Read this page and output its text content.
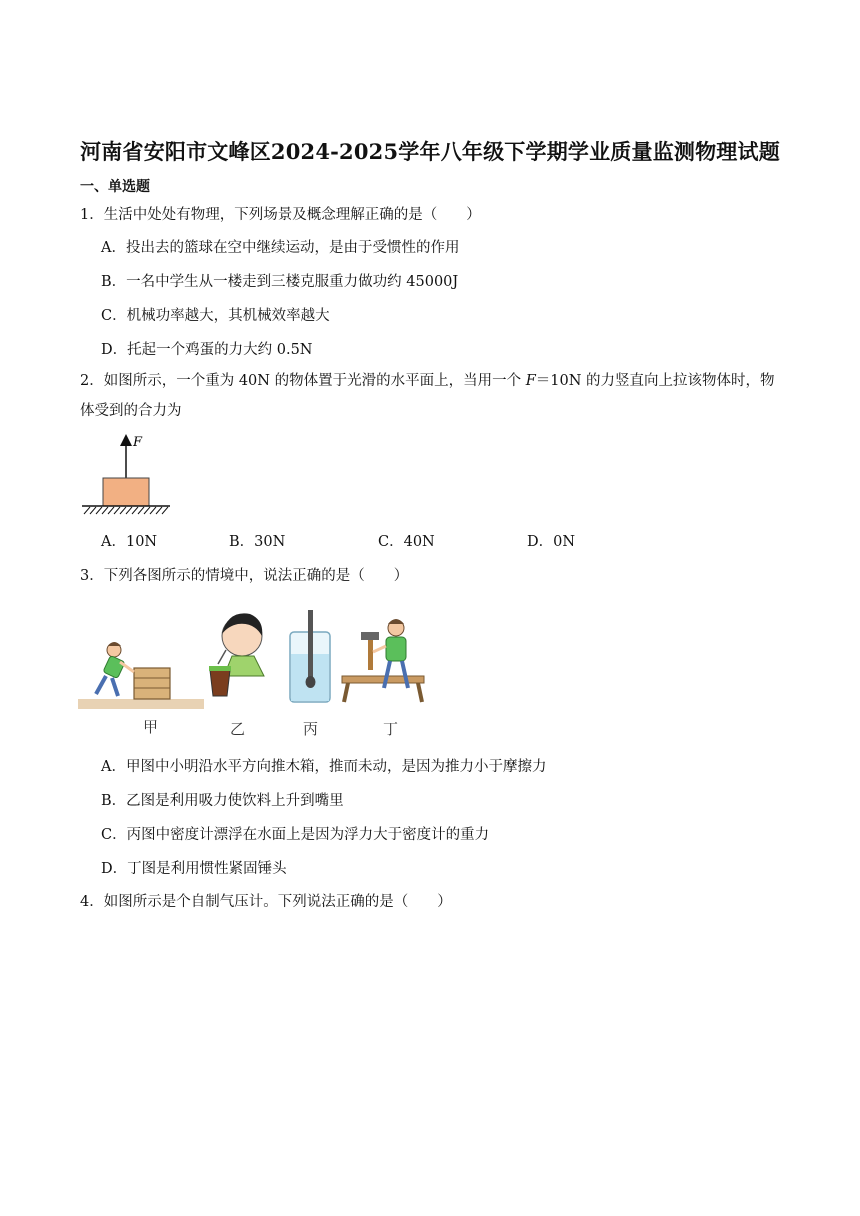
河南省安阳市文峰区2024-2025学年八年级下学期学业质量监测物理试题
一、单选题
1．生活中处处有物理，下列场景及概念理解正确的是（　　）
A．投出去的篮球在空中继续运动，是由于受惯性的作用
B．一名中学生从一楼走到三楼克服重力做功约 45000J
C．机械功率越大，其机械效率越大
D．托起一个鸡蛋的力大约 0.5N
2．如图所示，一个重为 40N 的物体置于光滑的水平面上，当用一个 F＝10N 的力竖直向上拉该物体时，物体受到的合力为
F
A．10N	B．30N	C．40N	D．0N
3．下列各图所示的情境中，说法正确的是（　　）
甲	乙	丙	丁
A．甲图中小明沿水平方向推木箱，推而未动，是因为推力小于摩擦力
B．乙图是利用吸力使饮料上升到嘴里
C．丙图中密度计漂浮在水面上是因为浮力大于密度计的重力
D．丁图是利用惯性紧固锤头
4．如图所示是个自制气压计。下列说法正确的是（　　）
